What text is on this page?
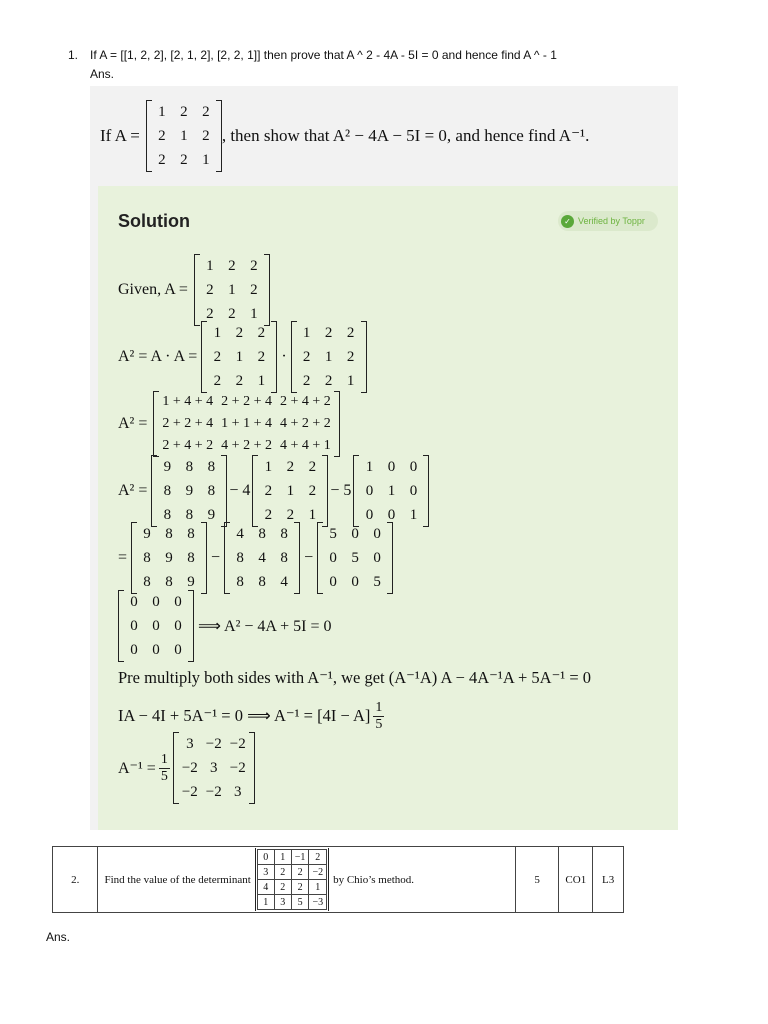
1. If A = [[1, 2, 2], [2, 1, 2], [2, 2, 1]] then prove that A ^ 2 - 4A - 5I = 0 and hence find A ^ - 1
Ans.
If A =
1	2	2
2	1	2
2	2	1
, then show that A² − 4A − 5I = 0, and hence find A⁻¹.
Solution	✓ Verified by Toppr
Given, A =
1	2	2
2	1	2
2	2	1
A² = A · A =
1	2	2
2	1	2
2	2	1
·
1	2	2
2	1	2
2	2	1
A² =
1 + 4 + 4	2 + 2 + 4	2 + 4 + 2
2 + 2 + 4	1 + 1 + 4	4 + 2 + 2
2 + 4 + 2	4 + 2 + 2	4 + 4 + 1
A² =
9	8	8
8	9	8
8	8	9
− 4
1	2	2
2	1	2
2	2	1
− 5
1	0	0
0	1	0
0	0	1
=
9	8	8
8	9	8
8	8	9
−
4	8	8
8	4	8
8	8	4
−
5	0	0
0	5	0
0	0	5
0	0	0
0	0	0
0	0	0
⟹ A² − 4A + 5I = 0
Pre multiply both sides with A⁻¹, we get (A⁻¹A) A − 4A⁻¹A + 5A⁻¹ = 0
IA − 4I + 5A⁻¹ = 0 ⟹ $A^{-1} = [4I - A] \frac{1}{5}$
$A^{-1} = \frac{1}{5}$
3	−2	−2
−2	3	−2
−2	−2	3
2.	Find the value of the determinant
0	1	−1	2
3	2	2	−2
4	2	2	1
1	3	5	−3
by Chio’s method.	5	CO1	L3
Ans.
